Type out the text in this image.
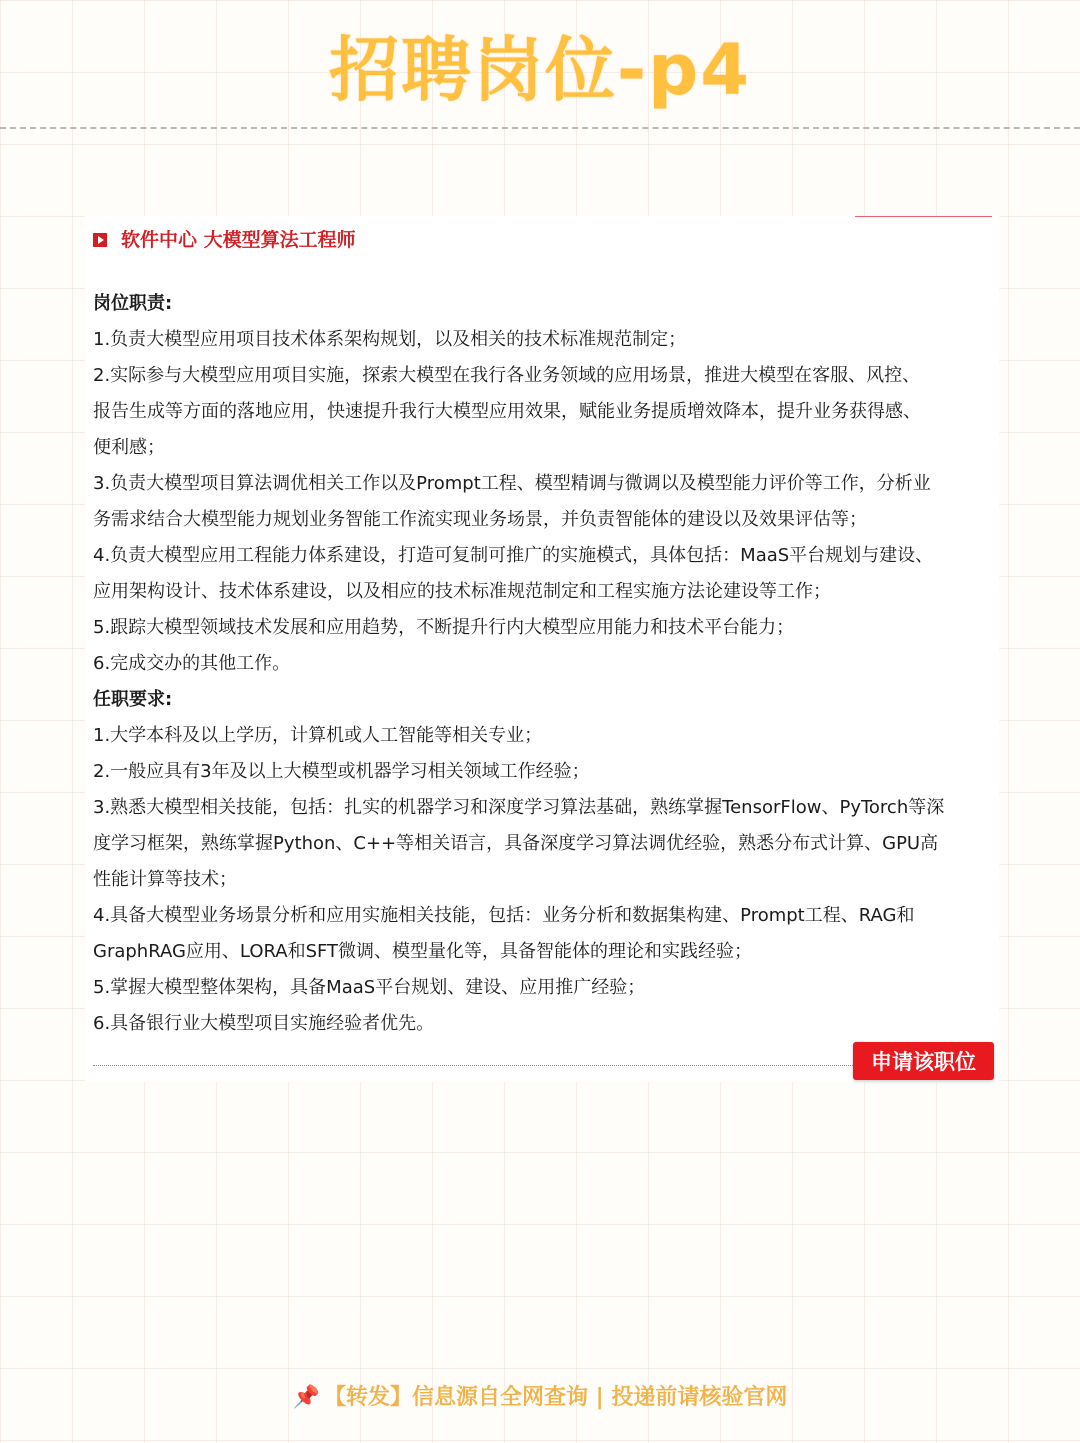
招聘岗位-p4
软件中心 大模型算法工程师
岗位职责:
1.负责大模型应用项目技术体系架构规划，以及相关的技术标准规范制定；
2.实际参与大模型应用项目实施，探索大模型在我行各业务领域的应用场景，推进大模型在客服、风控、
报告生成等方面的落地应用，快速提升我行大模型应用效果，赋能业务提质增效降本，提升业务获得感、
便利感；
3.负责大模型项目算法调优相关工作以及Prompt工程、模型精调与微调以及模型能力评价等工作，分析业
务需求结合大模型能力规划业务智能工作流实现业务场景，并负责智能体的建设以及效果评估等；
4.负责大模型应用工程能力体系建设，打造可复制可推广的实施模式，具体包括：MaaS平台规划与建设、
应用架构设计、技术体系建设，以及相应的技术标准规范制定和工程实施方法论建设等工作；
5.跟踪大模型领域技术发展和应用趋势，不断提升行内大模型应用能力和技术平台能力；
6.完成交办的其他工作。
任职要求:
1.大学本科及以上学历，计算机或人工智能等相关专业；
2.一般应具有3年及以上大模型或机器学习相关领域工作经验；
3.熟悉大模型相关技能，包括：扎实的机器学习和深度学习算法基础，熟练掌握TensorFlow、PyTorch等深
度学习框架，熟练掌握Python、C++等相关语言，具备深度学习算法调优经验，熟悉分布式计算、GPU高
性能计算等技术；
4.具备大模型业务场景分析和应用实施相关技能，包括：业务分析和数据集构建、Prompt工程、RAG和
GraphRAG应用、LORA和SFT微调、模型量化等，具备智能体的理论和实践经验；
5.掌握大模型整体架构，具备MaaS平台规划、建设、应用推广经验；
6.具备银行业大模型项目实施经验者优先。
申请该职位
📌 【转发】信息源自全网查询 | 投递前请核验官网
